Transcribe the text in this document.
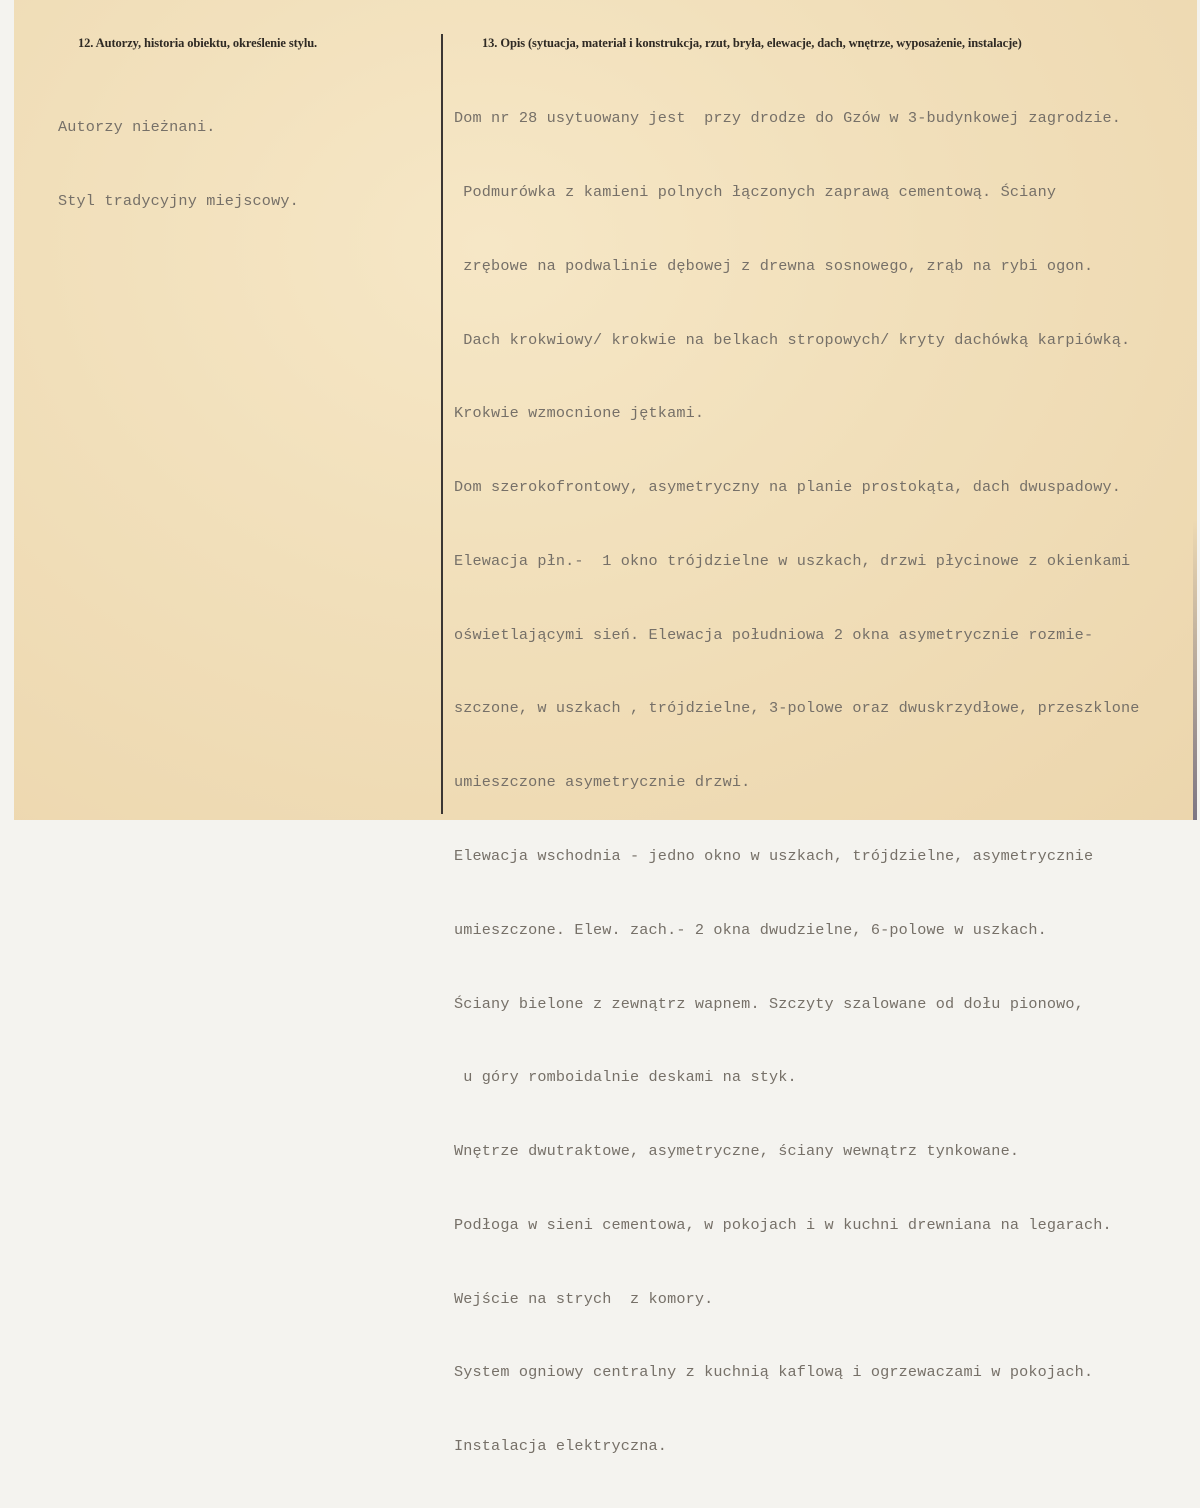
12. Autorzy, historia obiektu, określenie stylu.	13. Opis (sytuacja, materiał i konstrukcja, rzut, bryła, elewacje, dach, wnętrze, wyposażenie, instalacje)

Autorzy nieżnani.

Styl tradycyjny miejscowy.

Dom nr 28 usytuowany jest  przy drodze do Gzów w 3-budynkowej zagrodzie.

Podmurówka z kamieni polnych łączonych zaprawą cementową. Ściany

zrębowe na podwalinie dębowej z drewna sosnowego, zrąb na rybi ogon.

Dach krokwiowy/ krokwie na belkach stropowych/ kryty dachówką karpiówką.

Krokwie wzmocnione jętkami.

Dom szerokofrontowy, asymetryczny na planie prostokąta, dach dwuspadowy.

Elewacja płn.-  1 okno trójdzielne w uszkach, drzwi płycinowe z okienkami

oświetlającymi sień. Elewacja południowa 2 okna asymetrycznie rozmie-

szczone, w uszkach , trójdzielne, 3-polowe oraz dwuskrzydłowe, przeszklone

umieszczone asymetrycznie drzwi.

Elewacja wschodnia - jedno okno w uszkach, trójdzielne, asymetrycznie

umieszczone. Elew. zach.- 2 okna dwudzielne, 6-polowe w uszkach.

Ściany bielone z zewnątrz wapnem. Szczyty szalowane od dołu pionowo,

u góry romboidalnie deskami na styk.

Wnętrze dwutraktowe, asymetryczne, ściany wewnątrz tynkowane.

Podłoga w sieni cementowa, w pokojach i w kuchni drewniana na legarach.

Wejście na strych  z komory.

System ogniowy centralny z kuchnią kaflową i ogrzewaczami w pokojach.

Instalacja elektryczna.
